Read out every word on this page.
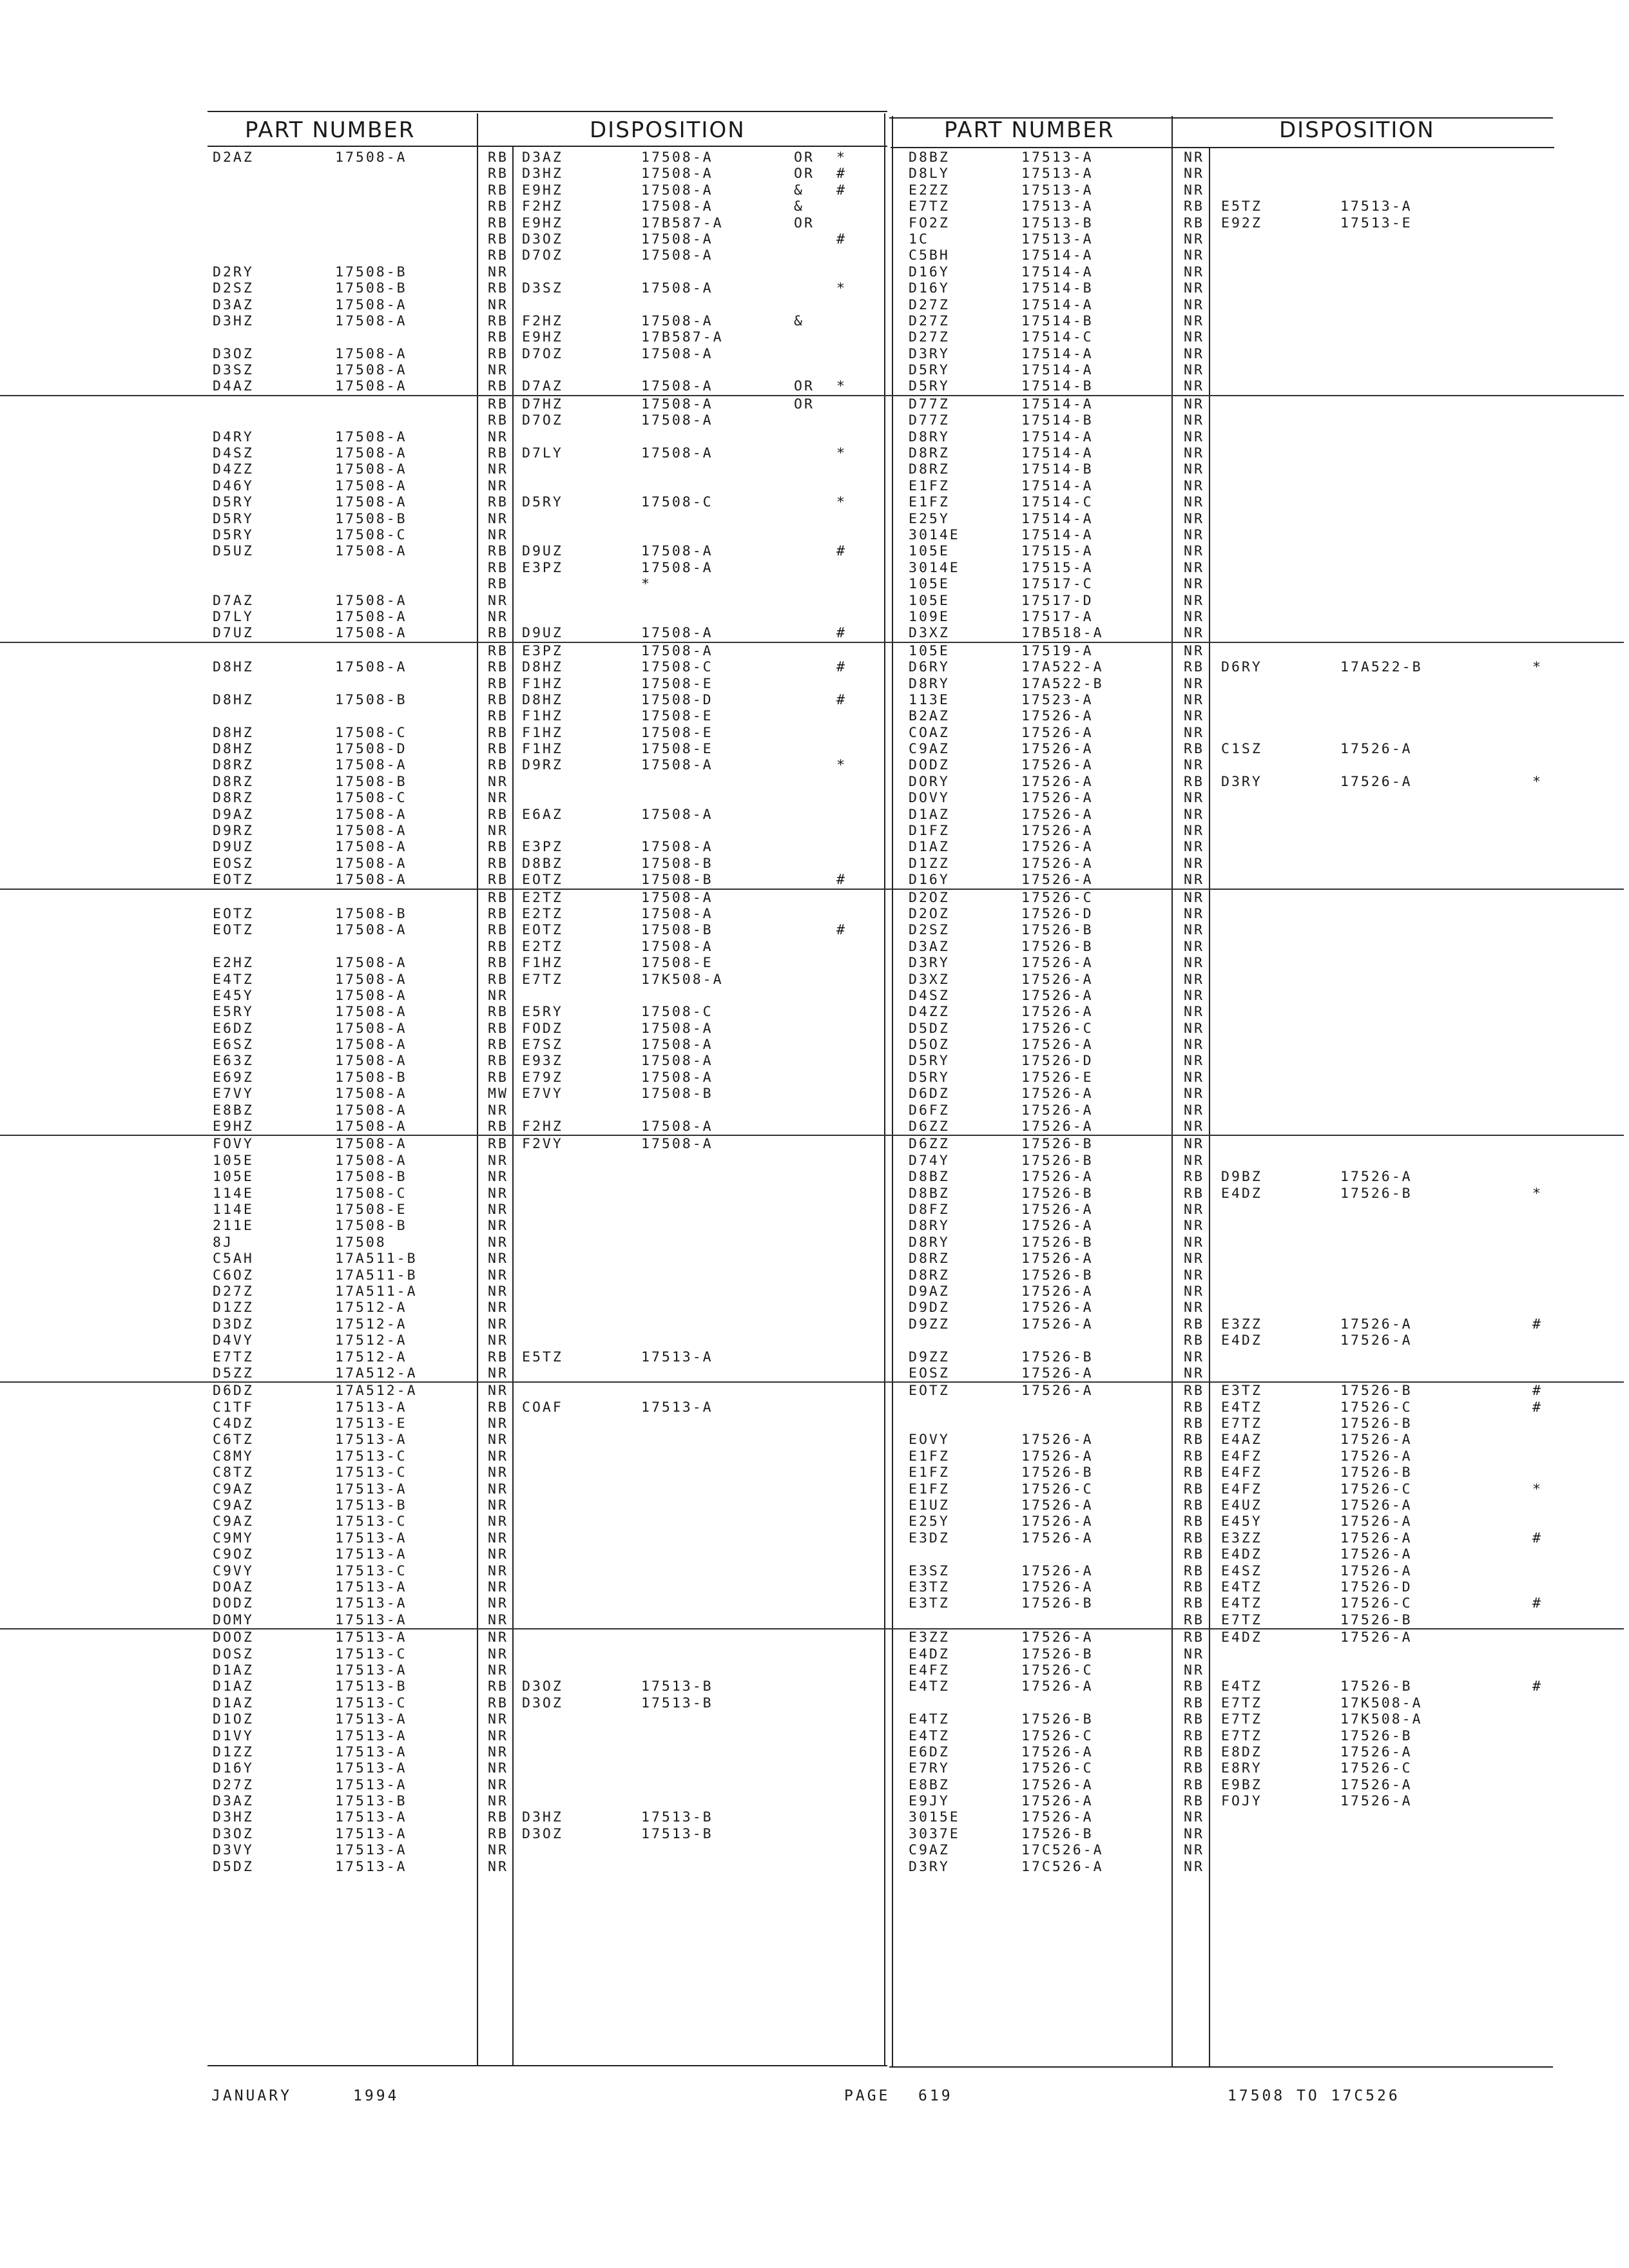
PART NUMBER	DISPOSITION	PART NUMBER	DISPOSITION
D2AZ	17508-A	RB D3AZ	17508-A	OR *
RB D3HZ	17508-A	OR #
RB E9HZ	17508-A	& #
RB F2HZ	17508-A	&
RB E9HZ	17B587-A	OR
RB D3OZ	17508-A	#
RB D7OZ	17508-A
D2RY	17508-B	NR
D2SZ	17508-B	RB D3SZ	17508-A	*
D3AZ	17508-A	NR
D3HZ	17508-A	RB F2HZ	17508-A	&
RB E9HZ	17B587-A
D3OZ	17508-A	RB D7OZ	17508-A
D3SZ	17508-A	NR
D4AZ	17508-A	RB D7AZ	17508-A	OR *
RB D7HZ	17508-A	OR
RB D7OZ	17508-A
D4RY	17508-A	NR
D4SZ	17508-A	RB D7LY	17508-A	*
D4ZZ	17508-A	NR
D46Y	17508-A	NR
D5RY	17508-A	RB D5RY	17508-C	*
D5RY	17508-B	NR
D5RY	17508-C	NR
D5UZ	17508-A	RB D9UZ	17508-A	#
RB E3PZ	17508-A
RB	*
D7AZ	17508-A	NR
D7LY	17508-A	NR
D7UZ	17508-A	RB D9UZ	17508-A	#
RB E3PZ	17508-A
D8HZ	17508-A	RB D8HZ	17508-C	#
RB F1HZ	17508-E
D8HZ	17508-B	RB D8HZ	17508-D	#
RB F1HZ	17508-E
D8HZ	17508-C	RB F1HZ	17508-E
D8HZ	17508-D	RB F1HZ	17508-E
D8RZ	17508-A	RB D9RZ	17508-A	*
D8RZ	17508-B	NR
D8RZ	17508-C	NR
D9AZ	17508-A	RB E6AZ	17508-A
D9RZ	17508-A	NR
D9UZ	17508-A	RB E3PZ	17508-A
EOSZ	17508-A	RB D8BZ	17508-B
EOTZ	17508-A	RB EOTZ	17508-B	#
RB E2TZ	17508-A
EOTZ	17508-B	RB E2TZ	17508-A
EOTZ	17508-A	RB EOTZ	17508-B	#
RB E2TZ	17508-A
E2HZ	17508-A	RB F1HZ	17508-E
E4TZ	17508-A	RB E7TZ	17K508-A
E45Y	17508-A	NR
E5RY	17508-A	RB E5RY	17508-C
E6DZ	17508-A	RB FODZ	17508-A
E6SZ	17508-A	RB E7SZ	17508-A
E63Z	17508-A	RB E93Z	17508-A
E69Z	17508-B	RB E79Z	17508-A
E7VY	17508-A	MW E7VY	17508-B
E8BZ	17508-A	NR
E9HZ	17508-A	RB F2HZ	17508-A
FOVY	17508-A	RB F2VY	17508-A
105E	17508-A	NR
105E	17508-B	NR
114E	17508-C	NR
114E	17508-E	NR
211E	17508-B	NR
8J	17508	NR
C5AH	17A511-B	NR
C6OZ	17A511-B	NR
D27Z	17A511-A	NR
D1ZZ	17512-A	NR
D3DZ	17512-A	NR
D4VY	17512-A	NR
E7TZ	17512-A	RB E5TZ	17513-A
D5ZZ	17A512-A	NR
D6DZ	17A512-A	NR
C1TF	17513-A	RB COAF	17513-A
C4DZ	17513-E	NR
C6TZ	17513-A	NR
C8MY	17513-C	NR
C8TZ	17513-C	NR
C9AZ	17513-A	NR
C9AZ	17513-B	NR
C9AZ	17513-C	NR
C9MY	17513-A	NR
C9OZ	17513-A	NR
C9VY	17513-C	NR
DOAZ	17513-A	NR
DODZ	17513-A	NR
DOMY	17513-A	NR
DOOZ	17513-A	NR
DOSZ	17513-C	NR
D1AZ	17513-A	NR
D1AZ	17513-B	RB D3OZ	17513-B
D1AZ	17513-C	RB D3OZ	17513-B
D1OZ	17513-A	NR
D1VY	17513-A	NR
D1ZZ	17513-A	NR
D16Y	17513-A	NR
D27Z	17513-A	NR
D3AZ	17513-B	NR
D3HZ	17513-A	RB D3HZ	17513-B
D3OZ	17513-A	RB D3OZ	17513-B
D3VY	17513-A	NR
D5DZ	17513-A	NR
D8BZ	17513-A	NR
D8LY	17513-A	NR
E2ZZ	17513-A	NR
E7TZ	17513-A	RB E5TZ	17513-A
FO2Z	17513-B	RB E92Z	17513-E
1C	17513-A	NR
C5BH	17514-A	NR
D16Y	17514-A	NR
D16Y	17514-B	NR
D27Z	17514-A	NR
D27Z	17514-B	NR
D27Z	17514-C	NR
D3RY	17514-A	NR
D5RY	17514-A	NR
D5RY	17514-B	NR
D77Z	17514-A	NR
D77Z	17514-B	NR
D8RY	17514-A	NR
D8RZ	17514-A	NR
D8RZ	17514-B	NR
E1FZ	17514-A	NR
E1FZ	17514-C	NR
E25Y	17514-A	NR
3014E	17514-A	NR
105E	17515-A	NR
3014E	17515-A	NR
105E	17517-C	NR
105E	17517-D	NR
109E	17517-A	NR
D3XZ	17B518-A	NR
105E	17519-A	NR
D6RY	17A522-A	RB D6RY	17A522-B	*
D8RY	17A522-B	NR
113E	17523-A	NR
B2AZ	17526-A	NR
COAZ	17526-A	NR
C9AZ	17526-A	RB C1SZ	17526-A
DODZ	17526-A	NR
DORY	17526-A	RB D3RY	17526-A	*
DOVY	17526-A	NR
D1AZ	17526-A	NR
D1FZ	17526-A	NR
D1AZ	17526-A	NR
D1ZZ	17526-A	NR
D16Y	17526-A	NR
D2OZ	17526-C	NR
D2OZ	17526-D	NR
D2SZ	17526-B	NR
D3AZ	17526-B	NR
D3RY	17526-A	NR
D3XZ	17526-A	NR
D4SZ	17526-A	NR
D4ZZ	17526-A	NR
D5DZ	17526-C	NR
D5OZ	17526-A	NR
D5RY	17526-D	NR
D5RY	17526-E	NR
D6DZ	17526-A	NR
D6FZ	17526-A	NR
D6ZZ	17526-A	NR
D6ZZ	17526-B	NR
D74Y	17526-B	NR
D8BZ	17526-A	RB D9BZ	17526-A
D8BZ	17526-B	RB E4DZ	17526-B	*
D8FZ	17526-A	NR
D8RY	17526-A	NR
D8RY	17526-B	NR
D8RZ	17526-A	NR
D8RZ	17526-B	NR
D9AZ	17526-A	NR
D9DZ	17526-A	NR
D9ZZ	17526-A	RB E3ZZ	17526-A	#
RB E4DZ	17526-A
D9ZZ	17526-B	NR
EOSZ	17526-A	NR
EOTZ	17526-A	RB E3TZ	17526-B	#
RB E4TZ	17526-C	#
RB E7TZ	17526-B
EOVY	17526-A	RB E4AZ	17526-A
E1FZ	17526-A	RB E4FZ	17526-A
E1FZ	17526-B	RB E4FZ	17526-B
E1FZ	17526-C	RB E4FZ	17526-C	*
E1UZ	17526-A	RB E4UZ	17526-A
E25Y	17526-A	RB E45Y	17526-A
E3DZ	17526-A	RB E3ZZ	17526-A	#
RB E4DZ	17526-A
E3SZ	17526-A	RB E4SZ	17526-A
E3TZ	17526-A	RB E4TZ	17526-D
E3TZ	17526-B	RB E4TZ	17526-C	#
RB E7TZ	17526-B
E3ZZ	17526-A	RB E4DZ	17526-A
E4DZ	17526-B	NR
E4FZ	17526-C	NR
E4TZ	17526-A	RB E4TZ	17526-B	#
RB E7TZ	17K508-A
E4TZ	17526-B	RB E7TZ	17K508-A
E4TZ	17526-C	RB E7TZ	17526-B
E6DZ	17526-A	RB E8DZ	17526-A
E7RY	17526-C	RB E8RY	17526-C
E8BZ	17526-A	RB E9BZ	17526-A
E9JY	17526-A	RB FOJY	17526-A
3015E	17526-A	NR
3037E	17526-B	NR
C9AZ	17C526-A	NR
D3RY	17C526-A	NR
JANUARY	1994	PAGE 619	17508 TO 17C526
